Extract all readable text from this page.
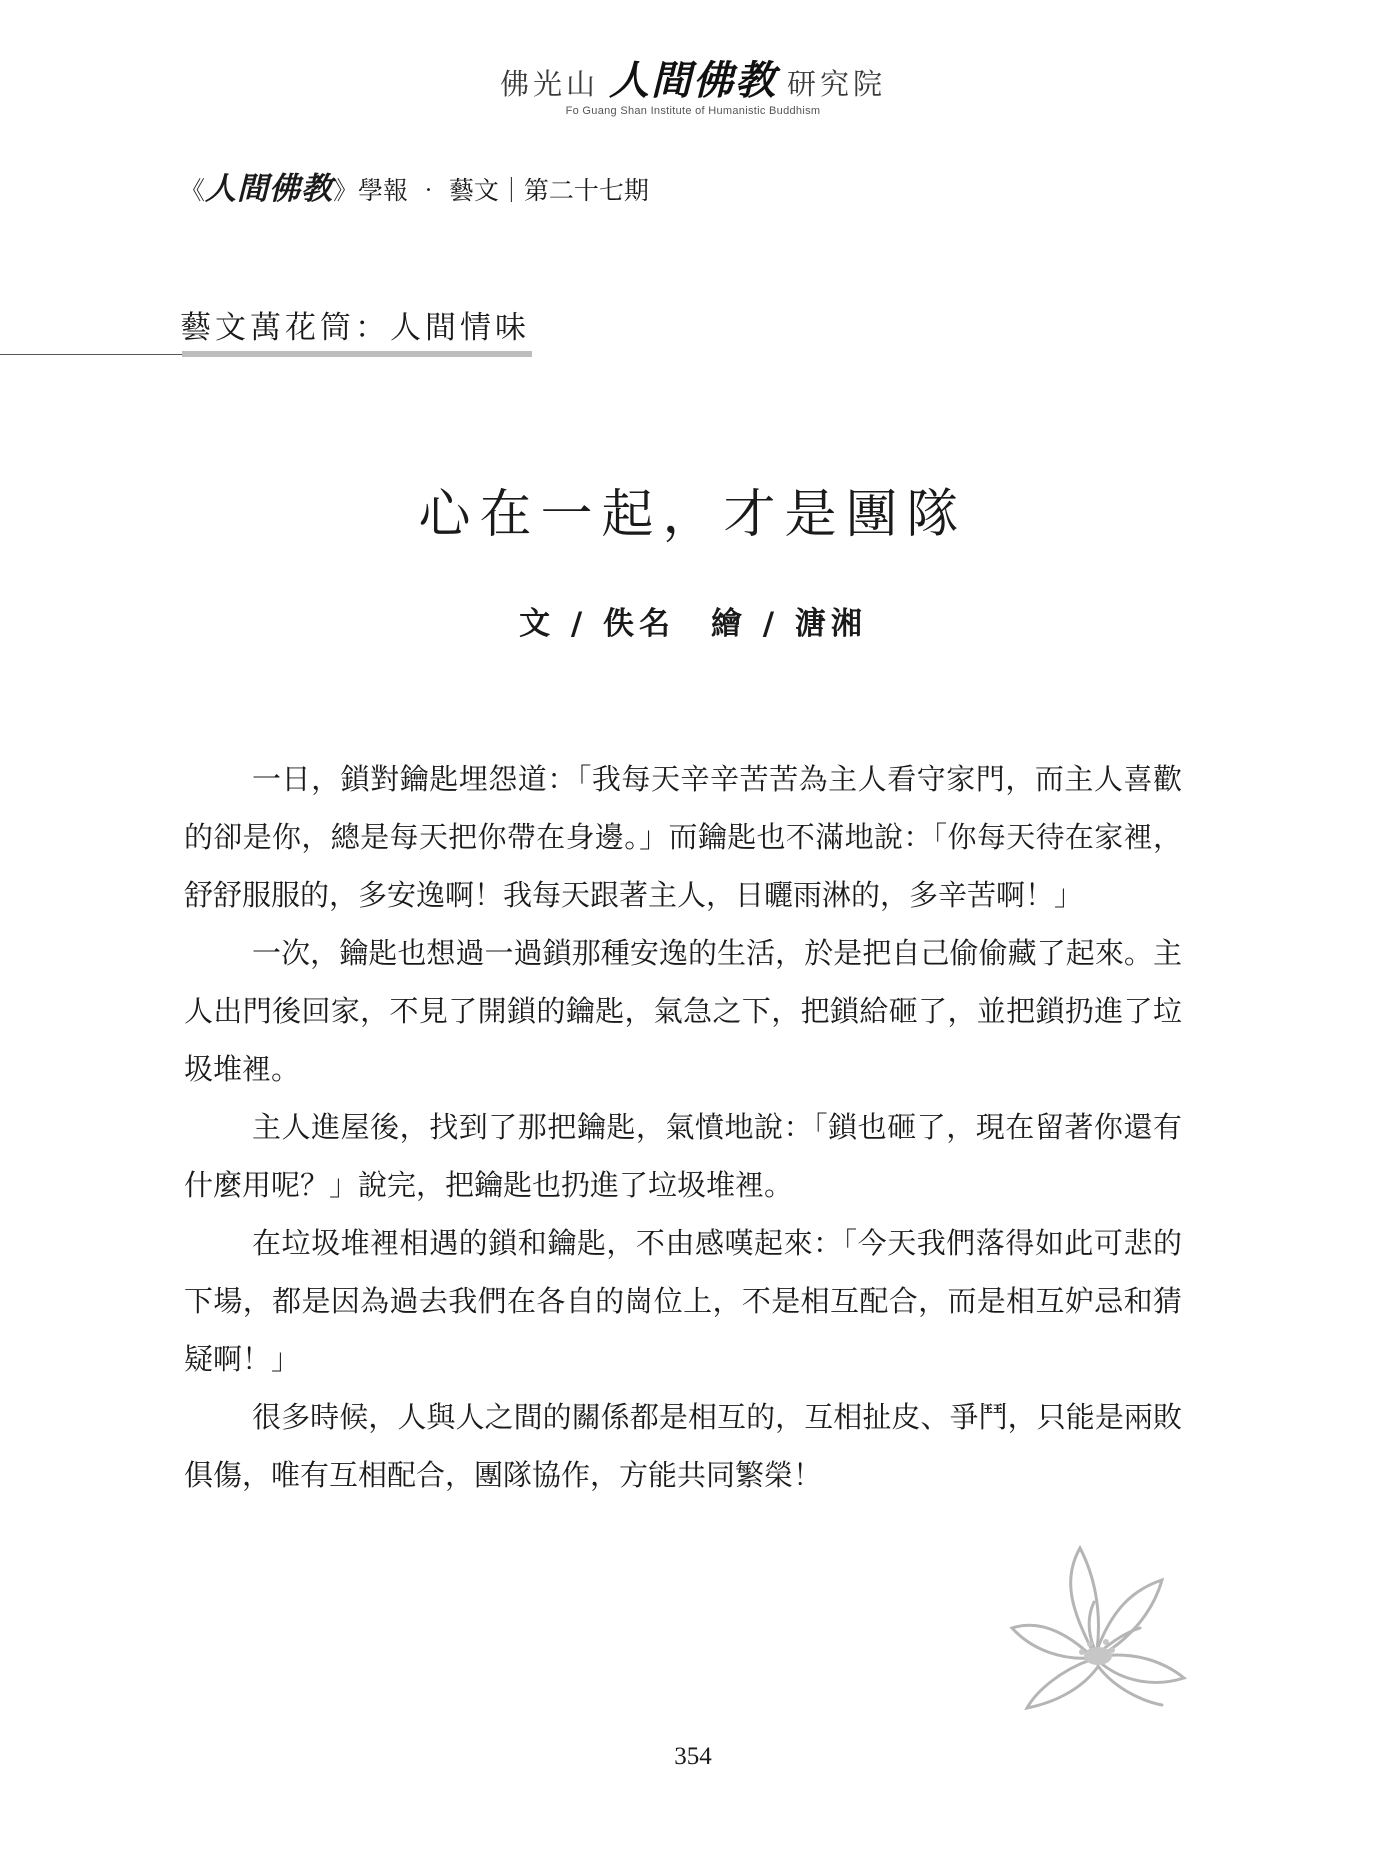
佛光山 人間佛教 研究院
Fo Guang Shan Institute of Humanistic Buddhism
《人間佛教》學報 ‧ 藝文｜第二十七期
藝文萬花筒：人間情味
心在一起，才是團隊
文 / 佚名　繪 / 溏湘

一日，鎖對鑰匙埋怨道：「我每天辛辛苦苦為主人看守家門，而主人喜歡的卻是你，總是每天把你帶在身邊。」而鑰匙也不滿地說：「你每天待在家裡，舒舒服服的，多安逸啊！我每天跟著主人，日曬雨淋的，多辛苦啊！」

一次，鑰匙也想過一過鎖那種安逸的生活，於是把自己偷偷藏了起來。主人出門後回家，不見了開鎖的鑰匙，氣急之下，把鎖給砸了，並把鎖扔進了垃圾堆裡。

主人進屋後，找到了那把鑰匙，氣憤地說：「鎖也砸了，現在留著你還有什麼用呢？」說完，把鑰匙也扔進了垃圾堆裡。

在垃圾堆裡相遇的鎖和鑰匙，不由感嘆起來：「今天我們落得如此可悲的下場，都是因為過去我們在各自的崗位上，不是相互配合，而是相互妒忌和猜疑啊！」

很多時候，人與人之間的關係都是相互的，互相扯皮、爭鬥，只能是兩敗俱傷，唯有互相配合，團隊協作，方能共同繁榮！

354
